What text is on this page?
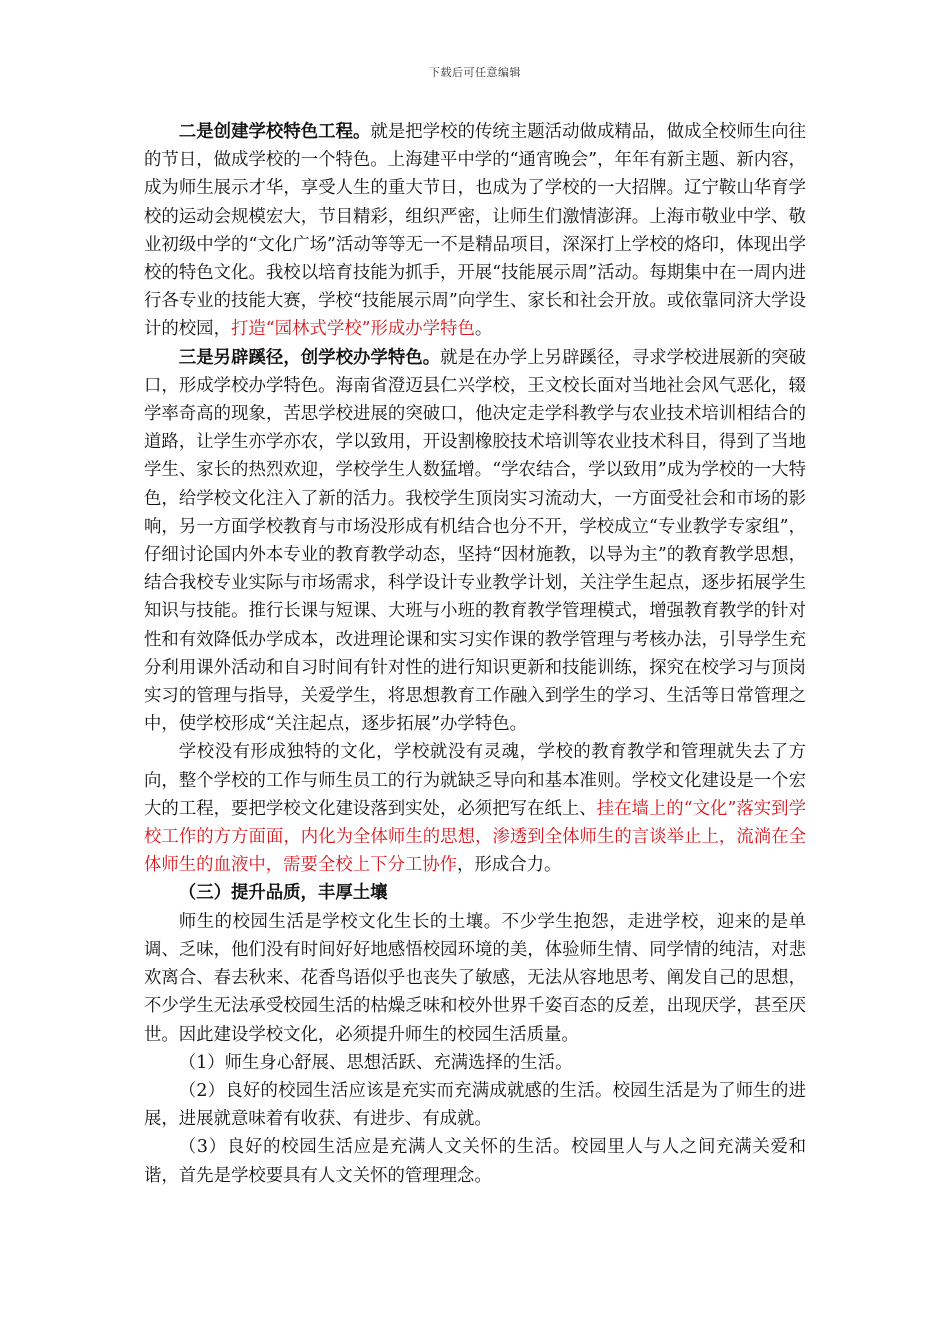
下载后可任意编辑

二是创建学校特色工程。就是把学校的传统主题活动做成精品，做成全校师生向往的节日，做成学校的一个特色。上海建平中学的“通宵晚会”，年年有新主题、新内容，成为师生展示才华，享受人生的重大节日，也成为了学校的一大招牌。辽宁鞍山华育学校的运动会规模宏大，节目精彩，组织严密，让师生们激情澎湃。上海市敬业中学、敬业初级中学的“文化广场”活动等等无一不是精品项目，深深打上学校的烙印，体现出学校的特色文化。我校以培育技能为抓手，开展“技能展示周”活动。每期集中在一周内进行各专业的技能大赛，学校“技能展示周”向学生、家长和社会开放。或依靠同济大学设计的校园，打造“园林式学校”形成办学特色。

三是另辟蹊径，创学校办学特色。就是在办学上另辟蹊径，寻求学校进展新的突破口，形成学校办学特色。海南省澄迈县仁兴学校，王文校长面对当地社会风气恶化，辍学率奇高的现象，苦思学校进展的突破口，他决定走学科教学与农业技术培训相结合的道路，让学生亦学亦农，学以致用，开设割橡胶技术培训等农业技术科目，得到了当地学生、家长的热烈欢迎，学校学生人数猛增。“学农结合，学以致用”成为学校的一大特色，给学校文化注入了新的活力。我校学生顶岗实习流动大，一方面受社会和市场的影响，另一方面学校教育与市场没形成有机结合也分不开，学校成立“专业教学专家组”，仔细讨论国内外本专业的教育教学动态，坚持“因材施教，以导为主”的教育教学思想，结合我校专业实际与市场需求，科学设计专业教学计划，关注学生起点，逐步拓展学生知识与技能。推行长课与短课、大班与小班的教育教学管理模式，增强教育教学的针对性和有效降低办学成本，改进理论课和实习实作课的教学管理与考核办法，引导学生充分利用课外活动和自习时间有针对性的进行知识更新和技能训练，探究在校学习与顶岗实习的管理与指导，关爱学生，将思想教育工作融入到学生的学习、生活等日常管理之中，使学校形成“关注起点，逐步拓展”办学特色。

学校没有形成独特的文化，学校就没有灵魂，学校的教育教学和管理就失去了方向，整个学校的工作与师生员工的行为就缺乏导向和基本准则。学校文化建设是一个宏大的工程，要把学校文化建设落到实处，必须把写在纸上、挂在墙上的“文化”落实到学校工作的方方面面，内化为全体师生的思想，渗透到全体师生的言谈举止上，流淌在全体师生的血液中，需要全校上下分工协作，形成合力。

（三）提升品质，丰厚土壤

师生的校园生活是学校文化生长的土壤。不少学生抱怨，走进学校，迎来的是单调、乏味，他们没有时间好好地感悟校园环境的美，体验师生情、同学情的纯洁，对悲欢离合、春去秋来、花香鸟语似乎也丧失了敏感，无法从容地思考、阐发自己的思想，不少学生无法承受校园生活的枯燥乏味和校外世界千姿百态的反差，出现厌学，甚至厌世。因此建设学校文化，必须提升师生的校园生活质量。

（1）师生身心舒展、思想活跃、充满选择的生活。

（2）良好的校园生活应该是充实而充满成就感的生活。校园生活是为了师生的进展，进展就意味着有收获、有进步、有成就。

（3）良好的校园生活应是充满人文关怀的生活。校园里人与人之间充满关爱和谐，首先是学校要具有人文关怀的管理理念。
